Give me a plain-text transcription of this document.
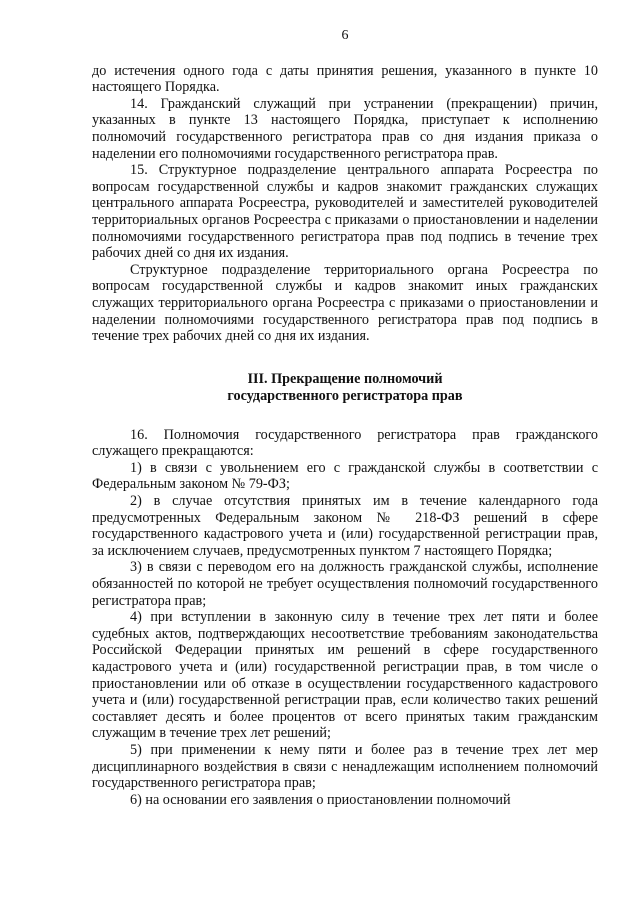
6

до истечения одного года с даты принятия решения, указанного в пункте 10 настоящего Порядка.

14. Гражданский служащий при устранении (прекращении) причин, указанных в пункте 13 настоящего Порядка, приступает к исполнению полномочий государственного регистратора прав со дня издания приказа о наделении его полномочиями государственного регистратора прав.

15. Структурное подразделение центрального аппарата Росреестра по вопросам государственной службы и кадров знакомит гражданских служащих центрального аппарата Росреестра, руководителей и заместителей руководителей территориальных органов Росреестра с приказами о приостановлении и наделении полномочиями государственного регистратора прав под подпись в течение трех рабочих дней со дня их издания.

Структурное подразделение территориального органа Росреестра по вопросам государственной службы и кадров знакомит иных гражданских служащих территориального органа Росреестра с приказами о приостановлении и наделении полномочиями государственного регистратора прав под подпись в течение трех рабочих дней со дня их издания.

III. Прекращение полномочий
государственного регистратора прав

16. Полномочия государственного регистратора прав гражданского служащего прекращаются:

1) в связи с увольнением его с гражданской службы в соответствии с Федеральным законом № 79-ФЗ;

2) в случае отсутствия принятых им в течение календарного года предусмотренных Федеральным законом № 218-ФЗ решений в сфере государственного кадастрового учета и (или) государственной регистрации прав, за исключением случаев, предусмотренных пунктом 7 настоящего Порядка;

3) в связи с переводом его на должность гражданской службы, исполнение обязанностей по которой не требует осуществления полномочий государственного регистратора прав;

4) при вступлении в законную силу в течение трех лет пяти и более судебных актов, подтверждающих несоответствие требованиям законодательства Российской Федерации принятых им решений в сфере государственного кадастрового учета и (или) государственной регистрации прав, в том числе о приостановлении или об отказе в осуществлении государственного кадастрового учета и (или) государственной регистрации прав, если количество таких решений составляет десять и более процентов от всего принятых таким гражданским служащим в течение трех лет решений;

5) при применении к нему пяти и более раз в течение трех лет мер дисциплинарного воздействия в связи с ненадлежащим исполнением полномочий государственного регистратора прав;

6) на основании его заявления о приостановлении полномочий
